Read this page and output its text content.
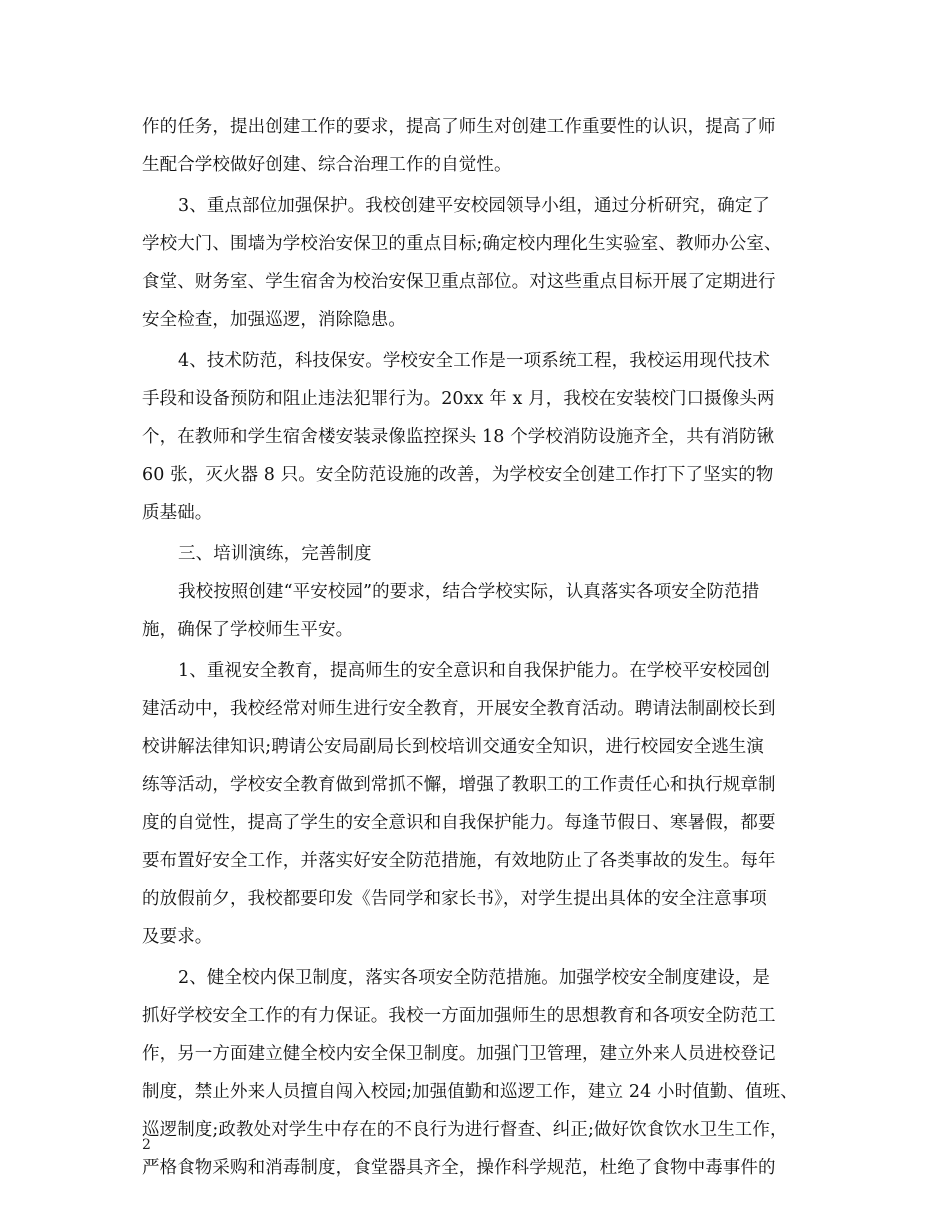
作的任务，提出创建工作的要求，提高了师生对创建工作重要性的认识，提高了师
生配合学校做好创建、综合治理工作的自觉性。
3、重点部位加强保护。我校创建平安校园领导小组，通过分析研究，确定了
学校大门、围墙为学校治安保卫的重点目标;确定校内理化生实验室、教师办公室、
食堂、财务室、学生宿舍为校治安保卫重点部位。对这些重点目标开展了定期进行
安全检查，加强巡逻，消除隐患。
4、技术防范，科技保安。学校安全工作是一项系统工程，我校运用现代技术
手段和设备预防和阻止违法犯罪行为。20xx 年 x 月，我校在安装校门口摄像头两
个，在教师和学生宿舍楼安装录像监控探头 18 个学校消防设施齐全，共有消防锹
60 张，灭火器 8 只。安全防范设施的改善，为学校安全创建工作打下了坚实的物
质基础。
三、培训演练，完善制度
我校按照创建“平安校园”的要求，结合学校实际，认真落实各项安全防范措
施，确保了学校师生平安。
1、重视安全教育，提高师生的安全意识和自我保护能力。在学校平安校园创
建活动中，我校经常对师生进行安全教育，开展安全教育活动。聘请法制副校长到
校讲解法律知识;聘请公安局副局长到校培训交通安全知识，进行校园安全逃生演
练等活动，学校安全教育做到常抓不懈，增强了教职工的工作责任心和执行规章制
度的自觉性，提高了学生的安全意识和自我保护能力。每逢节假日、寒暑假，都要
要布置好安全工作，并落实好安全防范措施，有效地防止了各类事故的发生。每年
的放假前夕，我校都要印发《告同学和家长书》，对学生提出具体的安全注意事项
及要求。
2、健全校内保卫制度，落实各项安全防范措施。加强学校安全制度建设，是
抓好学校安全工作的有力保证。我校一方面加强师生的思想教育和各项安全防范工
作，另一方面建立健全校内安全保卫制度。加强门卫管理，建立外来人员进校登记
制度，禁止外来人员擅自闯入校园;加强值勤和巡逻工作，建立 24 小时值勤、值班、
巡逻制度;政教处对学生中存在的不良行为进行督查、纠正;做好饮食饮水卫生工作，
严格食物采购和消毒制度，食堂器具齐全，操作科学规范，杜绝了食物中毒事件的
2
